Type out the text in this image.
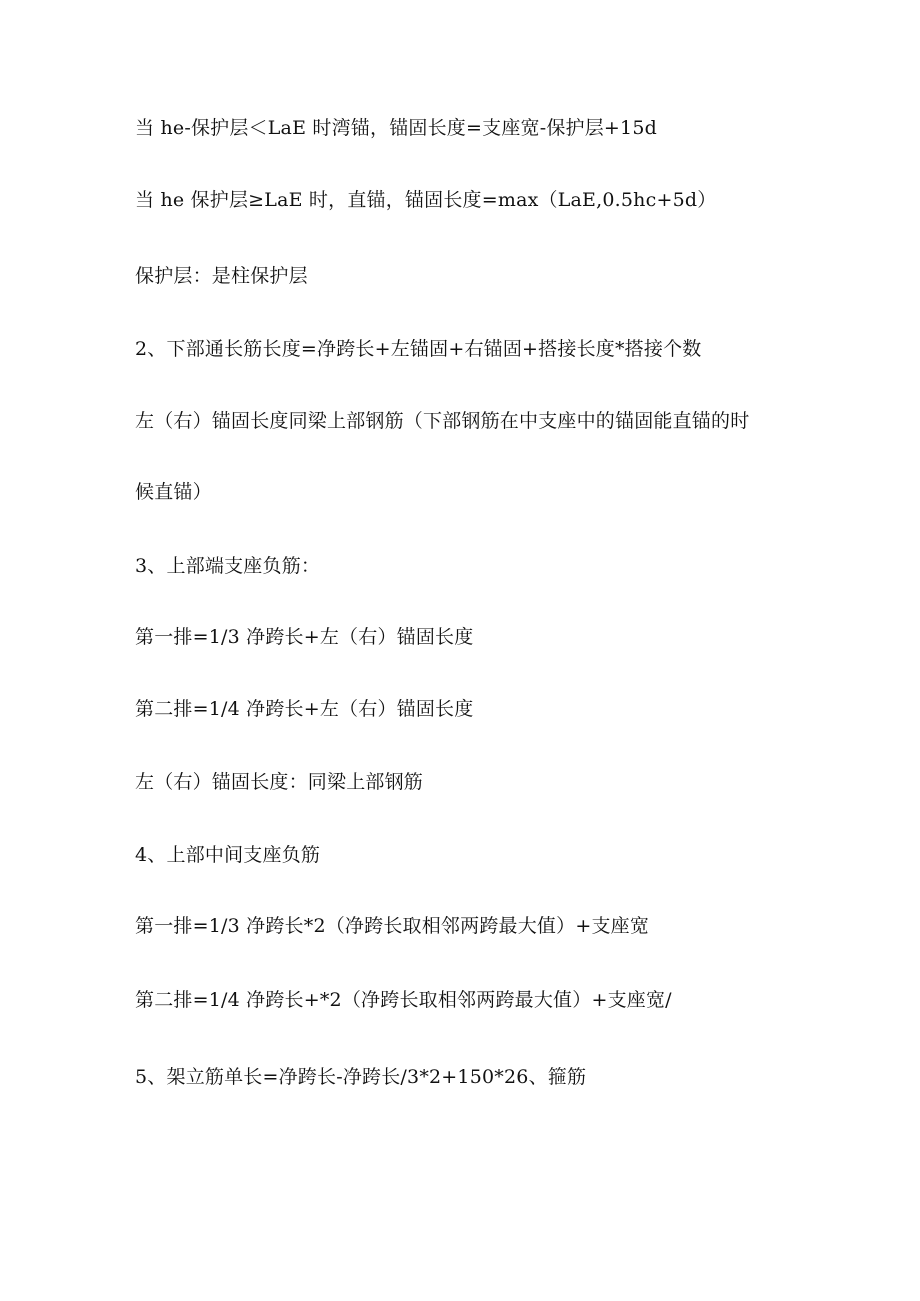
当 he-保护层＜LaE 时湾锚，锚固长度=支座宽-保护层+15d
当 he 保护层≥LaE 时，直锚，锚固长度=max（LaE,0.5hc+5d）
保护层：是柱保护层
2、下部通长筋长度=净跨长+左锚固+右锚固+搭接长度*搭接个数
左（右）锚固长度同梁上部钢筋（下部钢筋在中支座中的锚固能直锚的时
候直锚）
3、上部端支座负筋：
第一排=1/3 净跨长+左（右）锚固长度
第二排=1/4 净跨长+左（右）锚固长度
左（右）锚固长度：同梁上部钢筋
4、上部中间支座负筋
第一排=1/3 净跨长*2（净跨长取相邻两跨最大值）+支座宽
第二排=1/4 净跨长+*2（净跨长取相邻两跨最大值）+支座宽/
5、架立筋单长=净跨长-净跨长/3*2+150*26、箍筋
